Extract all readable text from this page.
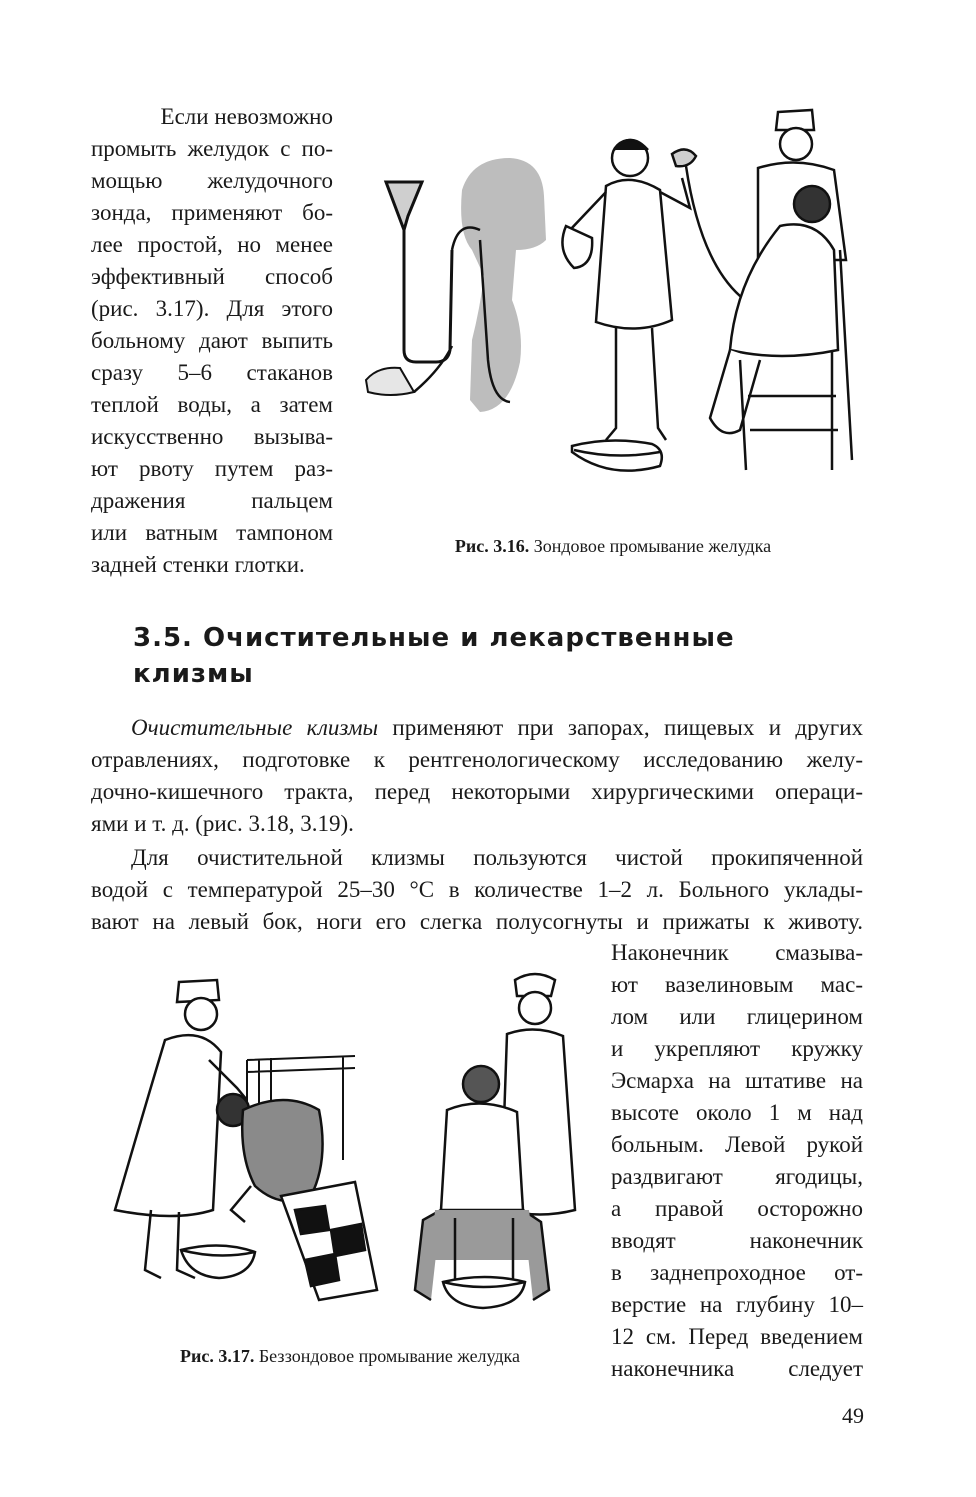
Если невозможно
промыть желудок с по-
мощью желудочного
зонда, применяют бо-
лее простой, но менее
эффективный способ
(рис. 3.17). Для этого
больному дают выпить
сразу 5–6 стаканов
теплой воды, а затем
искусственно вызыва-
ют рвоту путем раз-
дражения пальцем
или ватным тампоном
задней стенки глотки.
Рис. 3.16. Зондовое промывание желудка
3.5. Очистительные и лекарственные
клизмы
Очистительные клизмы применяют при запорах, пищевых и других
отравлениях, подготовке к рентгенологическому исследованию желу-
дочно-кишечного тракта, перед некоторыми хирургическими операци-
ями и т. д. (рис. 3.18, 3.19).
Для очистительной клизмы пользуются чистой прокипяченной
водой с температурой 25–30 °С в количестве 1–2 л. Больного уклады-
вают на левый бок, ноги его слегка полусогнуты и прижаты к животу.
Наконечник смазыва-
ют вазелиновым мас-
лом или глицерином
и укрепляют кружку
Эсмарха на штативе на
высоте около 1 м над
больным. Левой рукой
раздвигают ягодицы,
а правой осторожно
вводят наконечник
в заднепроходное от-
верстие на глубину 10–
12 см. Перед введением
наконечника следует
Рис. 3.17. Беззондовое промывание желудка
49
